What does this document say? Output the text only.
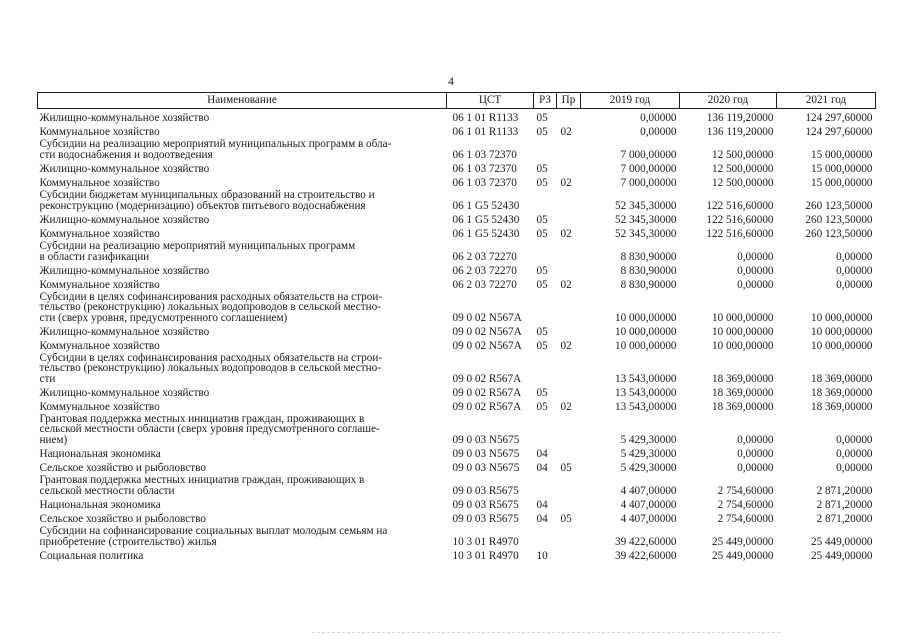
4
Наименование	ЦСТ	РЗ	Пр	2019 год	2020 год	2021 год

Жилищно-коммунальное хозяйство	06 1 01 R1133	05		0,00000	136 119,20000	124 297,60000

Коммунальное хозяйство	06 1 01 R1133	05	02	0,00000	136 119,20000	124 297,60000

Субсидии на реализацию мероприятий муниципальных программ в обла-
сти водоснабжения и водоотведения	06 1 03 72370			7 000,00000	12 500,00000	15 000,00000

Жилищно-коммунальное хозяйство	06 1 03 72370	05		7 000,00000	12 500,00000	15 000,00000

Коммунальное хозяйство	06 1 03 72370	05	02	7 000,00000	12 500,00000	15 000,00000

Субсидии бюджетам муниципальных образований на строительство и
реконструкцию (модернизацию) объектов питьевого водоснабжения	06 1 G5 52430			52 345,30000	122 516,60000	260 123,50000

Жилищно-коммунальное хозяйство	06 1 G5 52430	05		52 345,30000	122 516,60000	260 123,50000

Коммунальное хозяйство	06 1 G5 52430	05	02	52 345,30000	122 516,60000	260 123,50000

Субсидии на реализацию мероприятий муниципальных программ
в области газификации	06 2 03 72270			8 830,90000	0,00000	0,00000

Жилищно-коммунальное хозяйство	06 2 03 72270	05		8 830,90000	0,00000	0,00000

Коммунальное хозяйство	06 2 03 72270	05	02	8 830,90000	0,00000	0,00000

Субсидии в целях софинансирования расходных обязательств на строи-
тельство (реконструкцию) локальных водопроводов в сельской местно-
сти (сверх уровня, предусмотренного соглашением)	09 0 02 N567A			10 000,00000	10 000,00000	10 000,00000

Жилищно-коммунальное хозяйство	09 0 02 N567A	05		10 000,00000	10 000,00000	10 000,00000

Коммунальное хозяйство	09 0 02 N567A	05	02	10 000,00000	10 000,00000	10 000,00000

Субсидии в целях софинансирования расходных обязательств на строи-
тельство (реконструкцию) локальных водопроводов в сельской местно-
сти	09 0 02 R567A			13 543,00000	18 369,00000	18 369,00000

Жилищно-коммунальное хозяйство	09 0 02 R567A	05		13 543,00000	18 369,00000	18 369,00000

Коммунальное хозяйство	09 0 02 R567A	05	02	13 543,00000	18 369,00000	18 369,00000

Грантовая поддержка местных инициатив граждан, проживающих в
сельской местности области (сверх уровня предусмотренного соглаше-
нием)	09 0 03 N5675			5 429,30000	0,00000	0,00000

Национальная экономика	09 0 03 N5675	04		5 429,30000	0,00000	0,00000

Сельское хозяйство и рыболовство	09 0 03 N5675	04	05	5 429,30000	0,00000	0,00000

Грантовая поддержка местных инициатив граждан, проживающих в
сельской местности области	09 0 03 R5675			4 407,00000	2 754,60000	2 871,20000

Национальная экономика	09 0 03 R5675	04		4 407,00000	2 754,60000	2 871,20000

Сельское хозяйство и рыболовство	09 0 03 R5675	04	05	4 407,00000	2 754,60000	2 871,20000

Субсидии на софинансирование социальных выплат молодым семьям на
приобретение (строительство) жилья	10 3 01 R4970			39 422,60000	25 449,00000	25 449,00000

Социальная политика	10 3 01 R4970	10		39 422,60000	25 449,00000	25 449,00000
